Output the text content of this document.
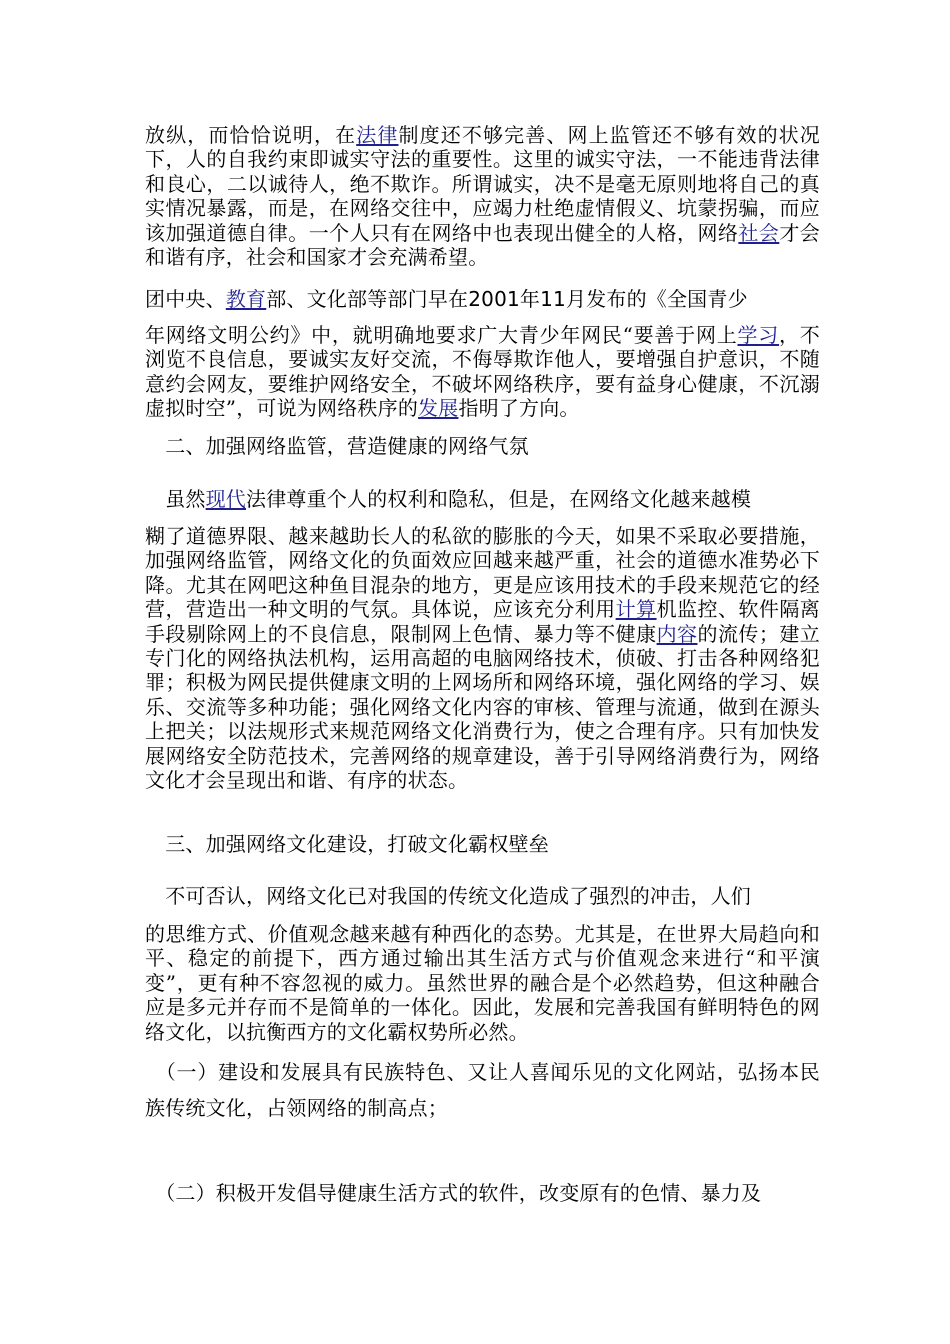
放纵，而恰恰说明，在法律制度还不够完善、网上监管还不够有效的状况下，人的自我约束即诚实守法的重要性。这里的诚实守法，一不能违背法律和良心，二以诚待人，绝不欺诈。所谓诚实，决不是毫无原则地将自己的真实情况暴露，而是，在网络交往中，应竭力杜绝虚情假义、坑蒙拐骗，而应该加强道德自律。一个人只有在网络中也表现出健全的人格，网络社会才会和谐有序，社会和国家才会充满希望。
团中央、教育部、文化部等部门早在2001年11月发布的《全国青少
年网络文明公约》中，就明确地要求广大青少年网民“要善于网上学习，不浏览不良信息，要诚实友好交流，不侮辱欺诈他人，要增强自护意识，不随意约会网友，要维护网络安全，不破坏网络秩序，要有益身心健康，不沉溺虚拟时空”，可说为网络秩序的发展指明了方向。
　二、加强网络监管，营造健康的网络气氛
　虽然现代法律尊重个人的权利和隐私，但是，在网络文化越来越模
糊了道德界限、越来越助长人的私欲的膨胀的今天，如果不采取必要措施，加强网络监管，网络文化的负面效应回越来越严重，社会的道德水准势必下降。尤其在网吧这种鱼目混杂的地方，更是应该用技术的手段来规范它的经营，营造出一种文明的气氛。具体说，应该充分利用计算机监控、软件隔离手段剔除网上的不良信息，限制网上色情、暴力等不健康内容的流传；建立专门化的网络执法机构，运用高超的电脑网络技术，侦破、打击各种网络犯罪；积极为网民提供健康文明的上网场所和网络环境，强化网络的学习、娱乐、交流等多种功能；强化网络文化内容的审核、管理与流通，做到在源头上把关；以法规形式来规范网络文化消费行为，使之合理有序。只有加快发展网络安全防范技术，完善网络的规章建设，善于引导网络消费行为，网络文化才会呈现出和谐、有序的状态。
　三、加强网络文化建设，打破文化霸权壁垒
　不可否认，网络文化已对我国的传统文化造成了强烈的冲击，人们
的思维方式、价值观念越来越有种西化的态势。尤其是，在世界大局趋向和平、稳定的前提下，西方通过输出其生活方式与价值观念来进行“和平演变”，更有种不容忽视的威力。虽然世界的融合是个必然趋势，但这种融合应是多元并存而不是简单的一体化。因此，发展和完善我国有鲜明特色的网络文化，以抗衡西方的文化霸权势所必然。
　（一）建设和发展具有民族特色、又让人喜闻乐见的文化网站，弘扬本民族传统文化，占领网络的制高点；
　（二）积极开发倡导健康生活方式的软件，改变原有的色情、暴力及
